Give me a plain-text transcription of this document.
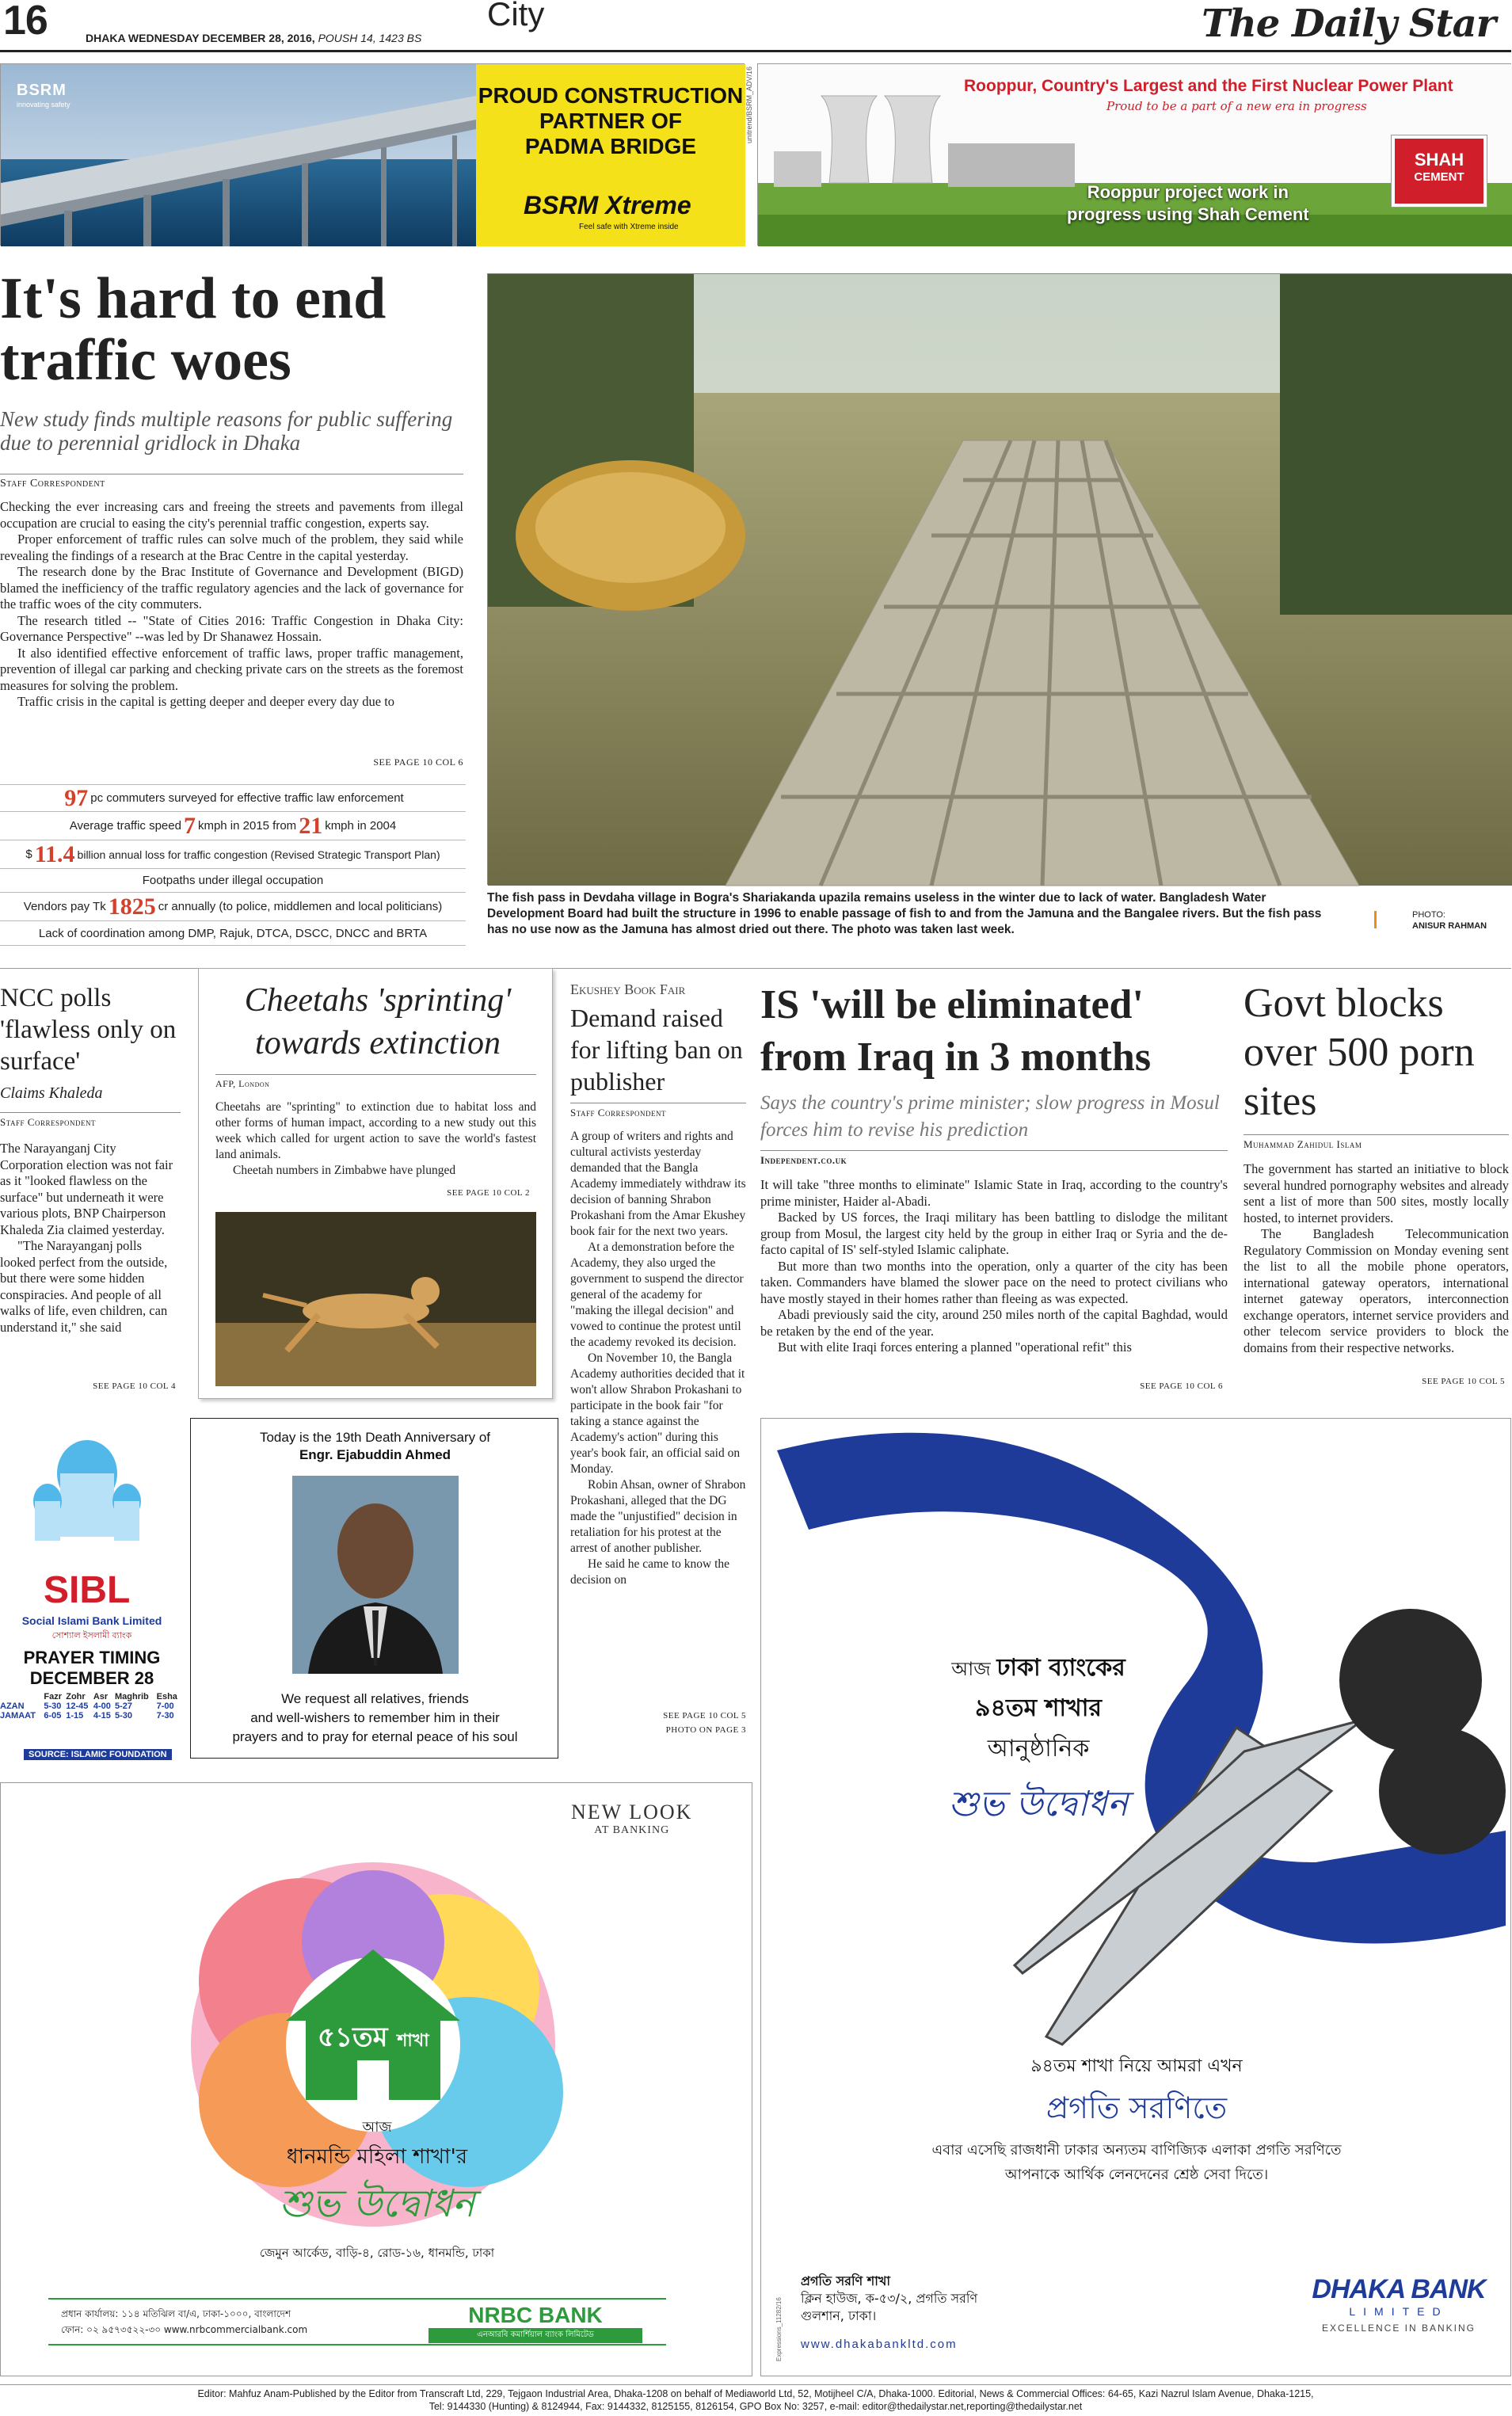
16	DHAKA WEDNESDAY DECEMBER 28, 2016, POUSH 14, 1423 BS
City	The Daily Star
BSRM
innovating safety	PROUD CONSTRUCTION
PARTNER OF
PADMA BRIDGE
BSRM Xtreme
Feel safe with Xtreme inside
unitrend/BSRM_ADV/16	Rooppur, Country's Largest and the First Nuclear Power Plant
Proud to be a part of a new era in progress
SHAH
CEMENT
Rooppur project work in
progress using Shah Cement
It's hard to end traffic woes
New study finds multiple reasons for public suffering due to perennial gridlock in Dhaka
Staff Correspondent

Checking the ever increasing cars and freeing the streets and pavements from illegal occupation are crucial to easing the city's perennial traffic congestion, experts say.

Proper enforcement of traffic rules can solve much of the problem, they said while revealing the findings of a research at the Brac Centre in the capital yesterday.

The research done by the Brac Institute of Governance and Development (BIGD) blamed the inefficiency of the traffic regulatory agencies and the lack of governance for the traffic woes of the city commuters.

The research titled -- "State of Cities 2016: Traffic Congestion in Dhaka City: Governance Perspective" --was led by Dr Shanawez Hossain.

It also identified effective enforcement of traffic laws, proper traffic management, prevention of illegal car parking and checking private cars on the streets as the foremost measures for solving the problem.

Traffic crisis in the capital is getting deeper and deeper every day due to

SEE PAGE 10 COL 6
97 pc commuters surveyed for effective traffic law enforcement
Average traffic speed 7 kmph in 2015 from 21 kmph in 2004
$ 11.4 billion annual loss for traffic congestion (Revised Strategic Transport Plan)
Footpaths under illegal occupation
Vendors pay Tk 1825 cr annually (to police, middlemen and local politicians)
Lack of coordination among DMP, Rajuk, DTCA, DSCC, DNCC and BRTA
The fish pass in Devdaha village in Bogra's Shariakanda upazila remains useless in the winter due to lack of water. Bangladesh Water Development Board had built the structure in 1996 to enable passage of fish to and from the Jamuna and the Bangalee rivers. But the fish pass has no use now as the Jamuna has almost dried out there. The photo was taken last week.
PHOTO:
ANISUR RAHMAN
NCC polls 'flawless only on surface'
Claims Khaleda
Staff Correspondent

The Narayanganj City Corporation election was not fair as it "looked flawless on the surface" but underneath it were various plots, BNP Chairperson Khaleda Zia claimed yesterday.

"The Narayanganj polls looked perfect from the outside, but there were some hidden conspiracies. And people of all walks of life, even children, can understand it," she said

SEE PAGE 10 COL 4
Cheetahs 'sprinting' towards extinction
AFP, London

Cheetahs are "sprinting" to extinction due to habitat loss and other forms of human impact, according to a new study out this week which called for urgent action to save the world's fastest land animals.

Cheetah numbers in Zimbabwe have plunged

SEE PAGE 10 COL 2
Ekushey Book Fair
Demand raised for lifting ban on publisher
Staff Correspondent

A group of writers and rights and cultural activists yesterday demanded that the Bangla Academy immediately withdraw its decision of banning Shrabon Prokashani from the Amar Ekushey book fair for the next two years.

At a demonstration before the Academy, they also urged the government to suspend the director general of the academy for "making the illegal decision" and vowed to continue the protest until the academy revoked its decision.

On November 10, the Bangla Academy authorities decided that it won't allow Shrabon Prokashani to participate in the book fair "for taking a stance against the Academy's action" during this year's book fair, an official said on Monday.

Robin Ahsan, owner of Shrabon Prokashani, alleged that the DG made the "unjustified" decision in retaliation for his protest at the arrest of another publisher.

He said he came to know the decision on

SEE PAGE 10 COL 5
PHOTO ON PAGE 3
IS 'will be eliminated' from Iraq in 3 months
Says the country's prime minister; slow progress in Mosul forces him to revise his prediction
Independent.co.uk

It will take "three months to eliminate" Islamic State in Iraq, according to the country's prime minister, Haider al-Abadi.

Backed by US forces, the Iraqi military has been battling to dislodge the militant group from Mosul, the largest city held by the group in either Iraq or Syria and the de-facto capital of IS' self-styled Islamic caliphate.

But more than two months into the operation, only a quarter of the city has been taken. Commanders have blamed the slower pace on the need to protect civilians who have mostly stayed in their homes rather than fleeing as was expected.

Abadi previously said the city, around 250 miles north of the capital Baghdad, would be retaken by the end of the year.

But with elite Iraqi forces entering a planned "operational refit" this

SEE PAGE 10 COL 6
Govt blocks over 500 porn sites
Muhammad Zahidul Islam

The government has started an initiative to block several hundred pornography websites and already sent a list of more than 500 sites, mostly locally hosted, to internet providers.

The Bangladesh Telecommunication Regulatory Commission on Monday evening sent the list to all the mobile phone operators, international gateway operators, international internet gateway operators, interconnection exchange operators, internet service providers and other telecom service providers to block the domains from their respective networks.

SEE PAGE 10 COL 5
SIBL
Social Islami Bank Limited
সোশ্যাল ইসলামী ব্যাংক
PRAYER TIMING
DECEMBER 28
	Fazr	Zohr	Asr	Maghrib	Esha
AZAN	5-30	12-45	4-00	5-27	7-00
JAMAAT	6-05	1-15	4-15	5-30	7-30
SOURCE: ISLAMIC FOUNDATION
Today is the 19th Death Anniversary of
Engr. Ejabuddin Ahmed
We request all relatives, friends
and well-wishers to remember him in their
prayers and to pray for eternal peace of his soul
আজ ঢাকা ব্যাংকের
৯৪তম শাখার
আনুষ্ঠানিক
শুভ উদ্বোধন
৯৪তম শাখা নিয়ে আমরা এখন
প্রগতি সরণিতে
এবার এসেছি রাজধানী ঢাকার অন্যতম বাণিজ্যিক এলাকা প্রগতি সরণিতে
আপনাকে আর্থিক লেনদেনের শ্রেষ্ঠ সেবা দিতে।
প্রগতি সরণি শাখা
ক্লিন হাউজ, ক-৫৩/২, প্রগতি সরণি
গুলশান, ঢাকা।
www.dhakabankltd.com
DHAKA BANK
LIMITED
EXCELLENCE IN BANKING
Expressions_11282/16
NEW LOOK
AT BANKING
৫১তম শাখা
আজ
ধানমন্ডি মহিলা শাখা'র
শুভ উদ্বোধন
জেমুন আর্কেড, বাড়ি-৪, রোড-১৬, ধানমন্ডি, ঢাকা
প্রধান কার্যালয়: ১১৪ মতিঝিল বা/এ, ঢাকা-১০০০, বাংলাদেশ
ফোন: ০২ ৯৫৭৩৫২২-৩০ www.nrbcommercialbank.com
NRBC BANK
এনআরবি কমার্শিয়াল ব্যাংক লিমিটেড
Editor: Mahfuz Anam-Published by the Editor from Transcraft Ltd, 229, Tejgaon Industrial Area, Dhaka-1208 on behalf of Mediaworld Ltd, 52, Motijheel C/A, Dhaka-1000. Editorial, News & Commercial Offices: 64-65, Kazi Nazrul Islam Avenue, Dhaka-1215,
Tel: 9144330 (Hunting) & 8124944, Fax: 9144332, 8125155, 8126154, GPO Box No: 3257, e-mail: editor@thedailystar.net,reporting@thedailystar.net
